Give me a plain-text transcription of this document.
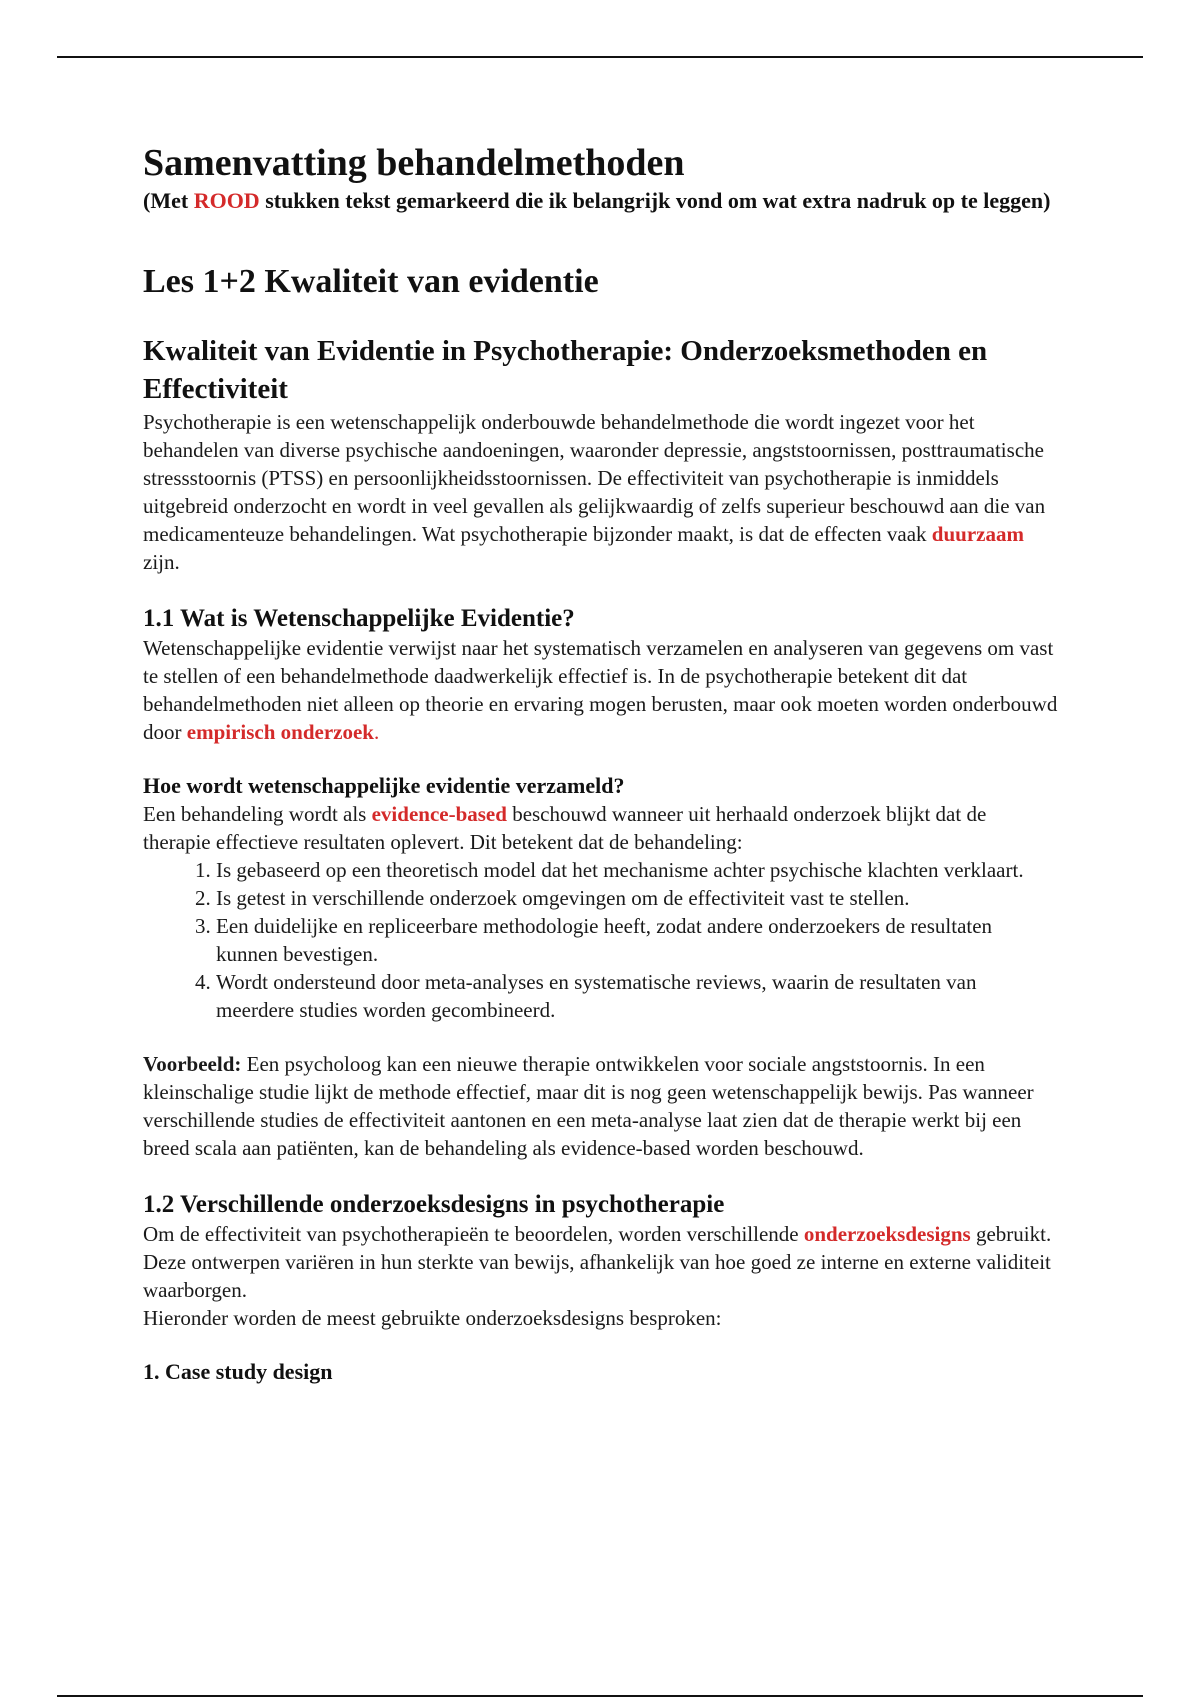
Samenvatting behandelmethoden
(Met ROOD stukken tekst gemarkeerd die ik belangrijk vond om wat extra nadruk op te leggen)
Les 1+2 Kwaliteit van evidentie
Kwaliteit van Evidentie in Psychotherapie: Onderzoeksmethoden en Effectiviteit

Psychotherapie is een wetenschappelijk onderbouwde behandelmethode die wordt ingezet voor het behandelen van diverse psychische aandoeningen, waaronder depressie, angststoornissen, posttraumatische stressstoornis (PTSS) en persoonlijkheidsstoornissen. De effectiviteit van psychotherapie is inmiddels uitgebreid onderzocht en wordt in veel gevallen als gelijkwaardig of zelfs superieur beschouwd aan die van medicamenteuze behandelingen. Wat psychotherapie bijzonder maakt, is dat de effecten vaak duurzaam zijn.

1.1 Wat is Wetenschappelijke Evidentie?

Wetenschappelijke evidentie verwijst naar het systematisch verzamelen en analyseren van gegevens om vast te stellen of een behandelmethode daadwerkelijk effectief is. In de psychotherapie betekent dit dat behandelmethoden niet alleen op theorie en ervaring mogen berusten, maar ook moeten worden onderbouwd door empirisch onderzoek.

Hoe wordt wetenschappelijke evidentie verzameld?

Een behandeling wordt als evidence-based beschouwd wanneer uit herhaald onderzoek blijkt dat de therapie effectieve resultaten oplevert. Dit betekent dat de behandeling:

1. Is gebaseerd op een theoretisch model dat het mechanisme achter psychische klachten verklaart.
2. Is getest in verschillende onderzoek omgevingen om de effectiviteit vast te stellen.
3. Een duidelijke en repliceerbare methodologie heeft, zodat andere onderzoekers de resultaten kunnen bevestigen.
4. Wordt ondersteund door meta-analyses en systematische reviews, waarin de resultaten van meerdere studies worden gecombineerd.

Voorbeeld: Een psycholoog kan een nieuwe therapie ontwikkelen voor sociale angststoornis. In een kleinschalige studie lijkt de methode effectief, maar dit is nog geen wetenschappelijk bewijs. Pas wanneer verschillende studies de effectiviteit aantonen en een meta-analyse laat zien dat de therapie werkt bij een breed scala aan patiënten, kan de behandeling als evidence-based worden beschouwd.

1.2 Verschillende onderzoeksdesigns in psychotherapie

Om de effectiviteit van psychotherapieën te beoordelen, worden verschillende onderzoeksdesigns gebruikt. Deze ontwerpen variëren in hun sterkte van bewijs, afhankelijk van hoe goed ze interne en externe validiteit waarborgen.

Hieronder worden de meest gebruikte onderzoeksdesigns besproken:

1. Case study design
